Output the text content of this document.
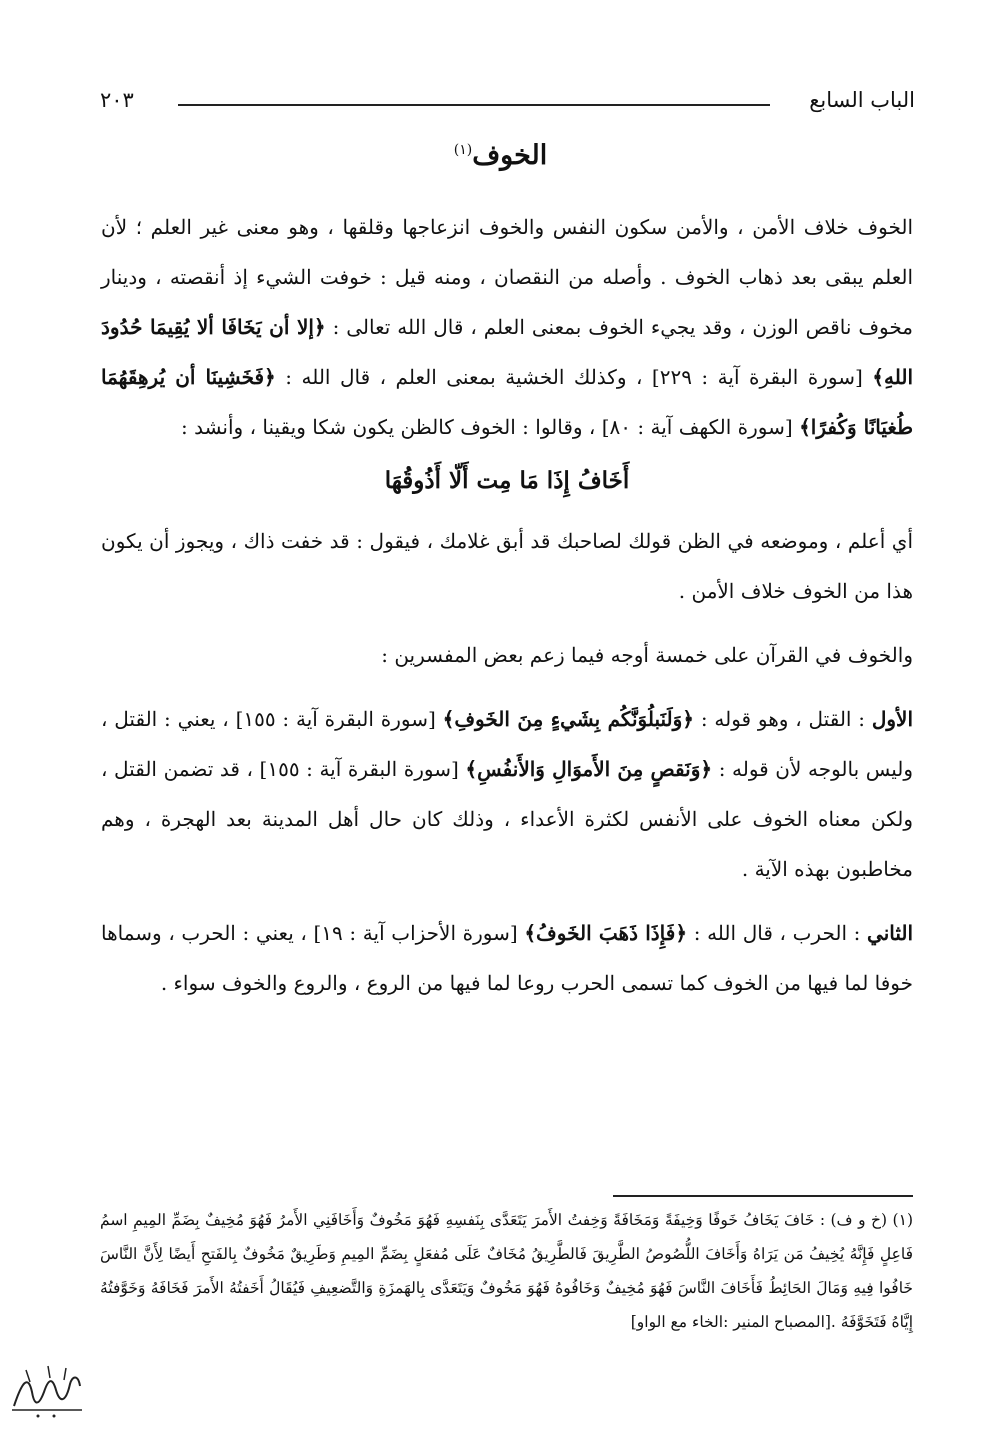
الباب السابع
٢٠٣
الخوف$^{(١)}$

الخوف خلاف الأمن ، والأمن سكون النفس والخوف انزعاجها وقلقها ، وهو معنى غير العلم ؛ لأن العلم يبقى بعد ذهاب الخوف . وأصله من النقصان ، ومنه قيل : خوفت الشيء إذ أنقصته ، ودينار مخوف ناقص الوزن ، وقد يجيء الخوف بمعنى العلم ، قال الله تعالى : ﴿إلا أن يَخَافَا ألا يُقِيمَا حُدُودَ اللهِ﴾ [سورة البقرة آية : ٢٢٩] ، وكذلك الخشية بمعنى العلم ، قال الله : ﴿فَخَشِينَا أن يُرهِقَهُمَا طُغيَانًا وَكُفرًا﴾ [سورة الكهف آية : ٨٠] ، وقالوا : الخوف كالظن يكون شكا ويقينا ، وأنشد :

أَخَافُ إِذَا مَا مِت أَلّا أَذُوقُهَا

أي أعلم ، وموضعه في الظن قولك لصاحبك قد أبق غلامك ، فيقول : قد خفت ذاك ، ويجوز أن يكون هذا من الخوف خلاف الأمن .

والخوف في القرآن على خمسة أوجه فيما زعم بعض المفسرين :

الأول : القتل ، وهو قوله : ﴿وَلَنَبلُوَنَّكُم بِشَيءٍ مِنَ الخَوفِ﴾ [سورة البقرة آية : ١٥٥] ، يعني : القتل ، وليس بالوجه لأن قوله : ﴿وَنَقصٍ مِنَ الأَموَالِ وَالأَنفُسِ﴾ [سورة البقرة آية : ١٥٥] ، قد تضمن القتل ، ولكن معناه الخوف على الأنفس لكثرة الأعداء ، وذلك كان حال أهل المدينة بعد الهجرة ، وهم مخاطبون بهذه الآية .

الثاني : الحرب ، قال الله : ﴿فَإِذَا ذَهَبَ الخَوفُ﴾ [سورة الأحزاب آية : ١٩] ، يعني : الحرب ، وسماها خوفا لما فيها من الخوف كما تسمى الحرب روعا لما فيها من الروع ، والروع والخوف سواء .

(١) (خ و ف) : خَافَ يَخَافُ خَوفًا وَخِيفَةً وَمَخَافَةً وَخِفتُ الأَمرَ يَتَعَدَّى بِنَفسِهِ فَهُوَ مَخُوفٌ وَأَخَافَنِي الأَمرُ فَهُوَ مُخِيفٌ بِضَمِّ المِيمِ اسمُ فَاعِلٍ فَإِنَّهُ يُخِيفُ مَن يَرَاهُ وَأَخَافَ اللُّصُوصُ الطَّرِيقَ فَالطَّرِيقُ مُخَافٌ عَلَى مُفعَلٍ بِضَمِّ المِيمِ وَطَرِيقٌ مَخُوفٌ بِالفَتحِ أَيضًا لِأَنَّ النَّاسَ خَافُوا فِيهِ وَمَالَ الحَائِطُ فَأَخَافَ النَّاسَ فَهُوَ مُخِيفٌ وَخَافُوهُ فَهُوَ مَخُوفٌ وَيَتَعَدَّى بِالهَمزَةِ وَالتَّضعِيفِ فَيُقَالُ أَخَفتُهُ الأَمرَ فَخَافَهُ وَخَوَّفتُهُ إِيَّاهُ فَتَخَوَّفَهُ .[المصباح المنير :الخاء مع الواو]
